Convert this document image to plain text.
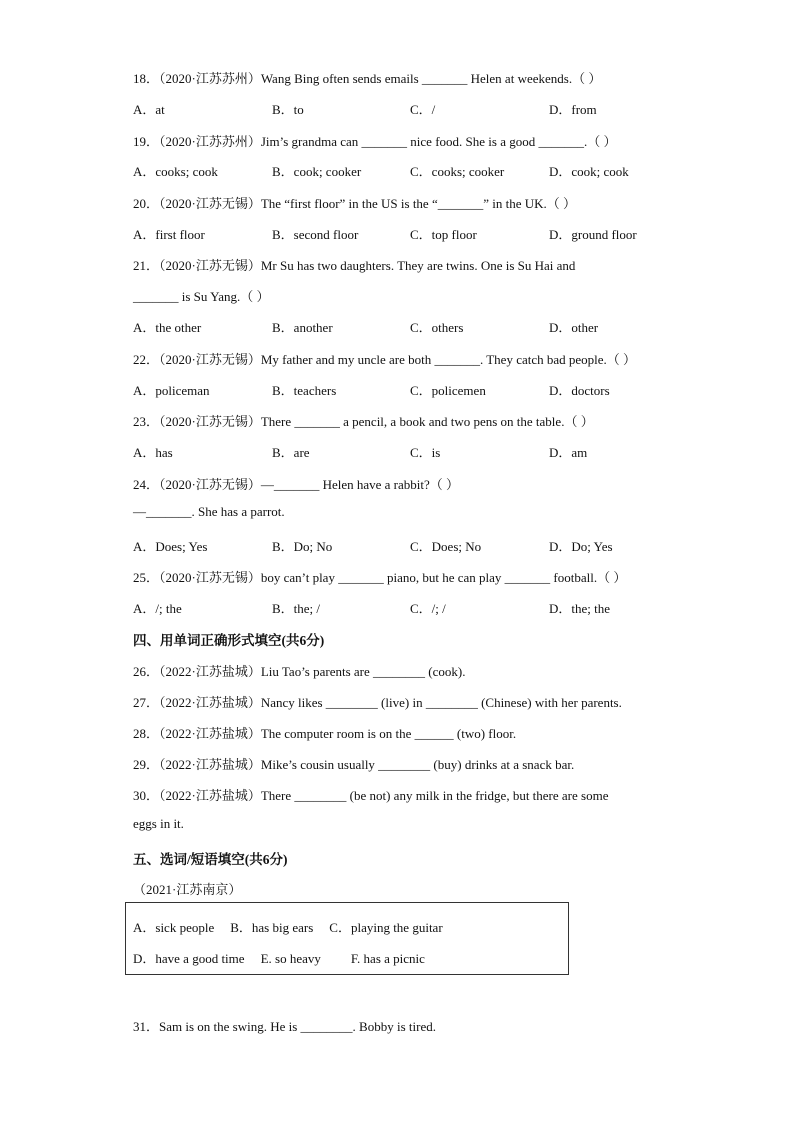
18．（2020·江苏苏州）Wang Bing often sends emails _______ Helen at weekends.（ ）
A．at	B．to	C．/	D．from
19．（2020·江苏苏州）Jim’s grandma can _______ nice food. She is a good _______.（ ）
A．cooks; cook	B．cook; cooker	C．cooks; cooker	D．cook; cook
20．（2020·江苏无锡）The “first floor” in the US is the “_______” in the UK.（ ）
A．first floor	B．second floor	C．top floor	D．ground floor
21．（2020·江苏无锡）Mr Su has two daughters. They are twins. One is Su Hai and
_______ is Su Yang.（ ）
A．the other	B．another	C．others	D．other
22．（2020·江苏无锡）My father and my uncle are both _______. They catch bad people.（ ）
A．policeman	B．teachers	C．policemen	D．doctors
23．（2020·江苏无锡）There _______ a pencil, a book and two pens on the table.（ ）
A．has	B．are	C．is	D．am
24．（2020·江苏无锡）—_______ Helen have a rabbit?（ ）
—_______. She has a parrot.
A．Does; Yes	B．Do; No	C．Does; No	D．Do; Yes
25．（2020·江苏无锡）boy can’t play _______ piano, but he can play _______ football.（ ）
A．/; the	B．the; /	C．/; /	D．the; the
四、用单词正确形式填空(共6分)
26．（2022·江苏盐城）Liu Tao’s parents are ________ (cook).
27．（2022·江苏盐城）Nancy likes ________ (live) in ________ (Chinese) with her parents.
28．（2022·江苏盐城）The computer room is on the ______ (two) floor.
29．（2022·江苏盐城）Mike’s cousin usually ________ (buy) drinks at a snack bar.
30．（2022·江苏盐城）There ________ (be not) any milk in the fridge, but there are some
eggs in it.
五、选词/短语填空(共6分)
（2021·江苏南京）
A．sick people B．has big ears C．playing the guitar
D．have a good time E. so heavy F. has a picnic
31．Sam is on the swing. He is ________. Bobby is tired.
